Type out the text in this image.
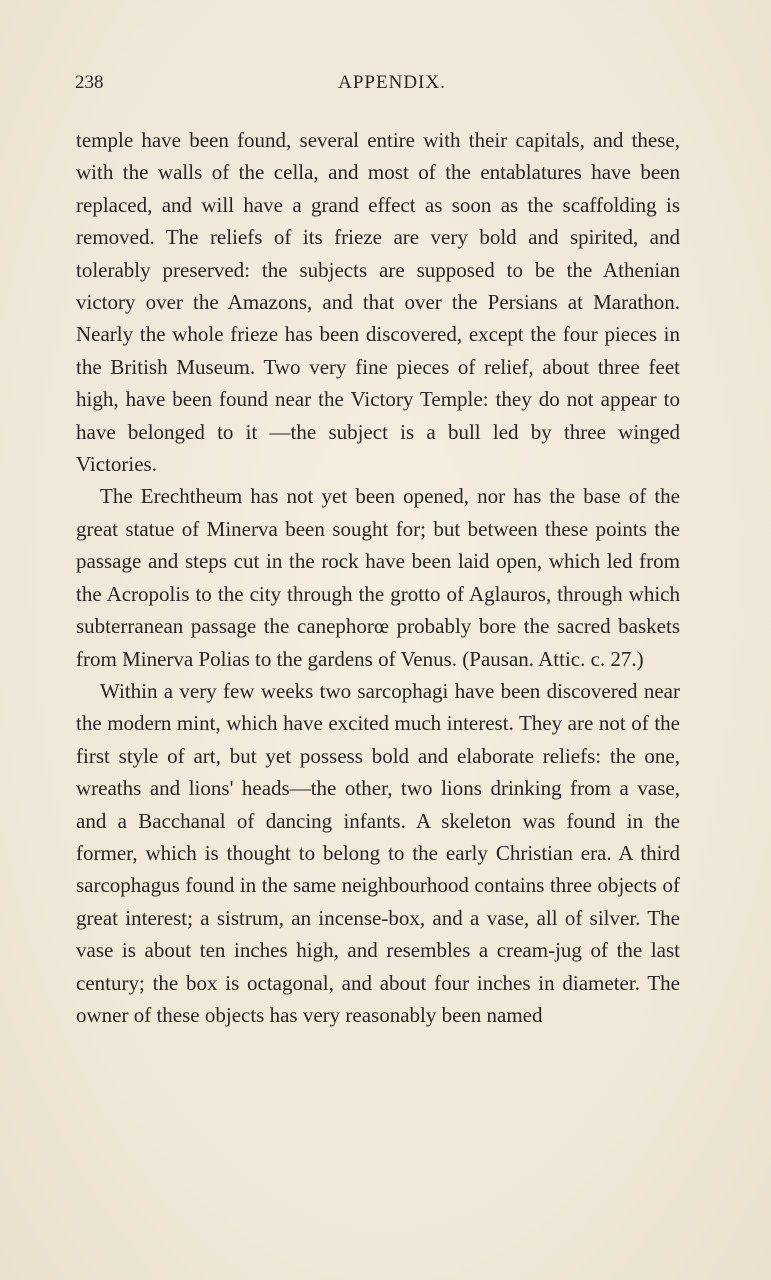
238	APPENDIX.

temple have been found, several entire with their capitals, and these, with the walls of the cella, and most of the entablatures have been replaced, and will have a grand effect as soon as the scaffolding is removed. The reliefs of its frieze are very bold and spirited, and tolerably preserved: the subjects are supposed to be the Athenian victory over the Amazons, and that over the Persians at Marathon. Nearly the whole frieze has been discovered, except the four pieces in the British Museum. Two very fine pieces of relief, about three feet high, have been found near the Victory Temple: they do not appear to have belonged to it —the subject is a bull led by three winged Victories.

The Erechtheum has not yet been opened, nor has the base of the great statue of Minerva been sought for; but between these points the passage and steps cut in the rock have been laid open, which led from the Acropolis to the city through the grotto of Aglauros, through which subterranean passage the canephorœ probably bore the sacred baskets from Minerva Polias to the gardens of Venus. (Pausan. Attic. c. 27.)

Within a very few weeks two sarcophagi have been discovered near the modern mint, which have excited much interest. They are not of the first style of art, but yet possess bold and elaborate reliefs: the one, wreaths and lions' heads—the other, two lions drinking from a vase, and a Bacchanal of dancing infants. A skeleton was found in the former, which is thought to belong to the early Christian era. A third sarcophagus found in the same neighbourhood contains three objects of great interest; a sistrum, an incense-box, and a vase, all of silver. The vase is about ten inches high, and resembles a cream-jug of the last century; the box is octagonal, and about four inches in diameter. The owner of these objects has very reasonably been named
